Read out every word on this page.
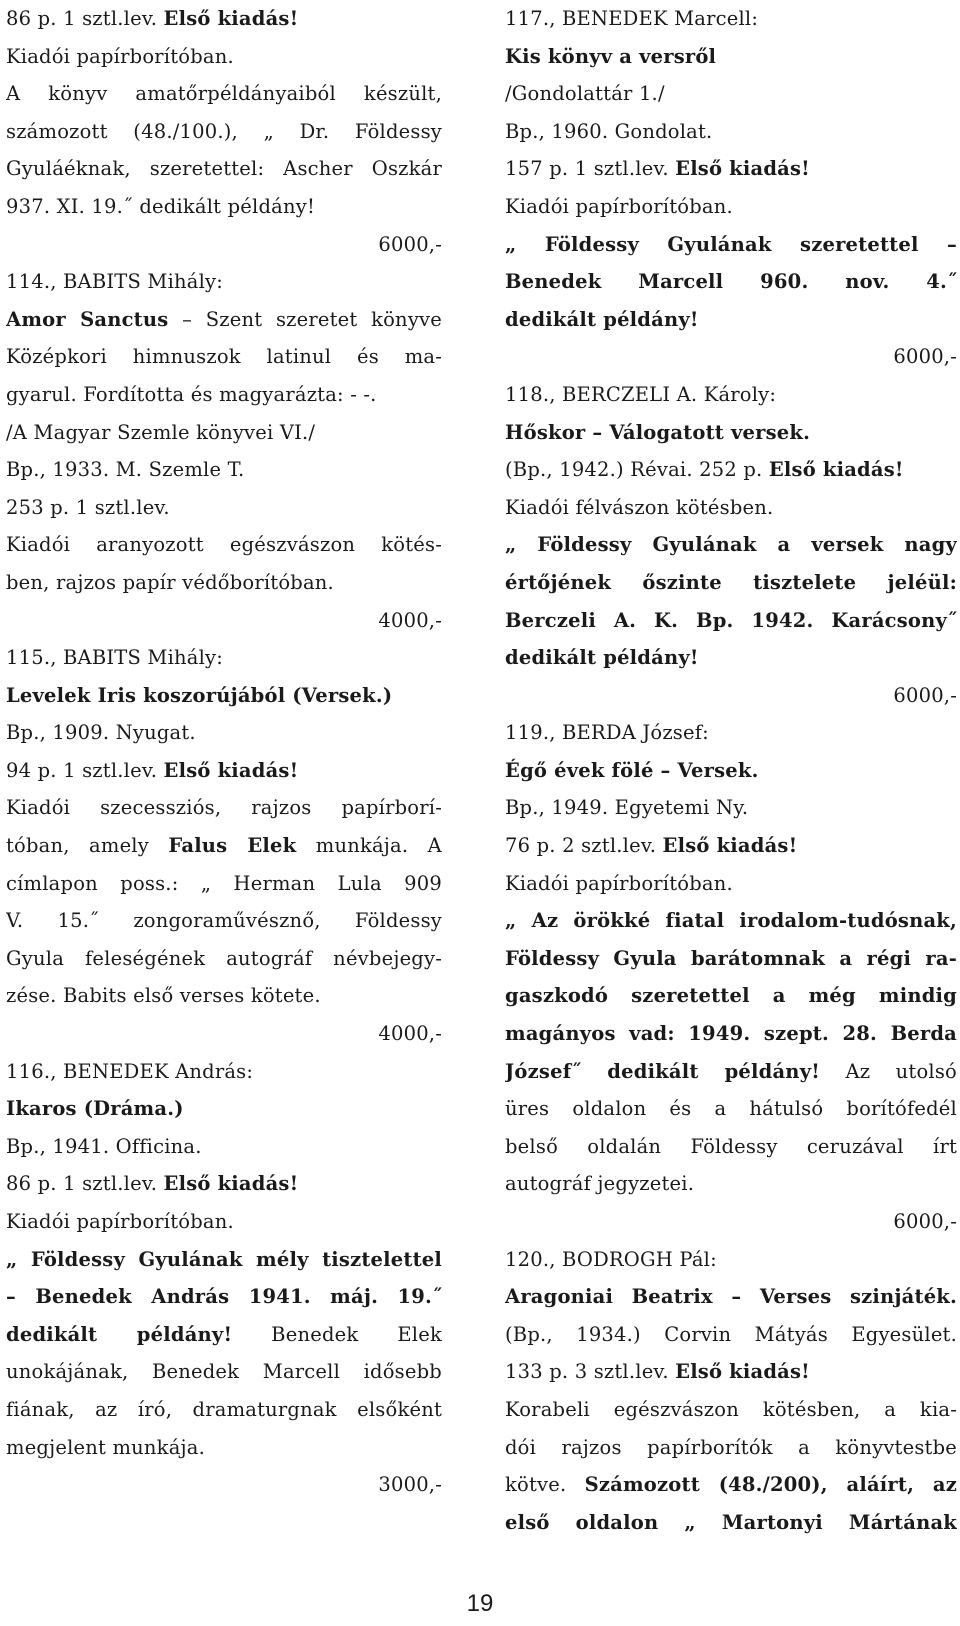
86 p. 1 sztl.lev. Első kiadás!
Kiadói papírborítóban.
A könyv amatőrpéldányaiból készült,
számozott (48./100.), „ Dr. Földessy
Gyuláéknak, szeretettel: Ascher Oszkár
937. XI. 19.˝ dedikált példány!
6000,-
114., BABITS Mihály:
Amor Sanctus – Szent szeretet könyve
Középkori himnuszok latinul és ma-
gyarul. Fordította és magyarázta: - -.
/A Magyar Szemle könyvei VI./
Bp., 1933. M. Szemle T.
253 p. 1 sztl.lev.
Kiadói aranyozott egészvászon kötés-
ben, rajzos papír védőborítóban.
4000,-
115., BABITS Mihály:
Levelek Iris koszorújából (Versek.)
Bp., 1909. Nyugat.
94 p. 1 sztl.lev. Első kiadás!
Kiadói szecessziós, rajzos papírborí-
tóban, amely Falus Elek munkája. A
címlapon poss.: „ Herman Lula 909
V. 15.˝ zongoraművésznő, Földessy
Gyula feleségének autográf névbejegy-
zése. Babits első verses kötete.
4000,-
116., BENEDEK András:
Ikaros (Dráma.)
Bp., 1941. Officina.
86 p. 1 sztl.lev. Első kiadás!
Kiadói papírborítóban.
„ Földessy Gyulának mély tisztelettel
– Benedek András 1941. máj. 19.˝
dedikált példány! Benedek Elek
unokájának, Benedek Marcell idősebb
fiának, az író, dramaturgnak elsőként
megjelent munkája.
3000,-
117., BENEDEK Marcell:
Kis könyv a versről
/Gondolattár 1./
Bp., 1960. Gondolat.
157 p. 1 sztl.lev. Első kiadás!
Kiadói papírborítóban.
„ Földessy Gyulának szeretettel –
Benedek Marcell 960. nov. 4.˝
dedikált példány!
6000,-
118., BERCZELI A. Károly:
Hőskor – Válogatott versek.
(Bp., 1942.) Révai. 252 p. Első kiadás!
Kiadói félvászon kötésben.
„ Földessy Gyulának a versek nagy
értőjének őszinte tisztelete jeléül:
Berczeli A. K. Bp. 1942. Karácsony˝
dedikált példány!
6000,-
119., BERDA József:
Égő évek fölé – Versek.
Bp., 1949. Egyetemi Ny.
76 p. 2 sztl.lev. Első kiadás!
Kiadói papírborítóban.
„ Az örökké fiatal irodalom-tudósnak,
Földessy Gyula barátomnak a régi ra-
gaszkodó szeretettel a még mindig
magányos vad: 1949. szept. 28. Berda
József˝ dedikált példány! Az utolsó
üres oldalon és a hátulsó borítófedél
belső oldalán Földessy ceruzával írt
autográf jegyzetei.
6000,-
120., BODROGH Pál:
Aragoniai Beatrix – Verses szinjáték.
(Bp., 1934.) Corvin Mátyás Egyesület.
133 p. 3 sztl.lev. Első kiadás!
Korabeli egészvászon kötésben, a kia-
dói rajzos papírborítók a könyvtestbe
kötve. Számozott (48./200), aláírt, az
első oldalon „ Martonyi Mártának
19
